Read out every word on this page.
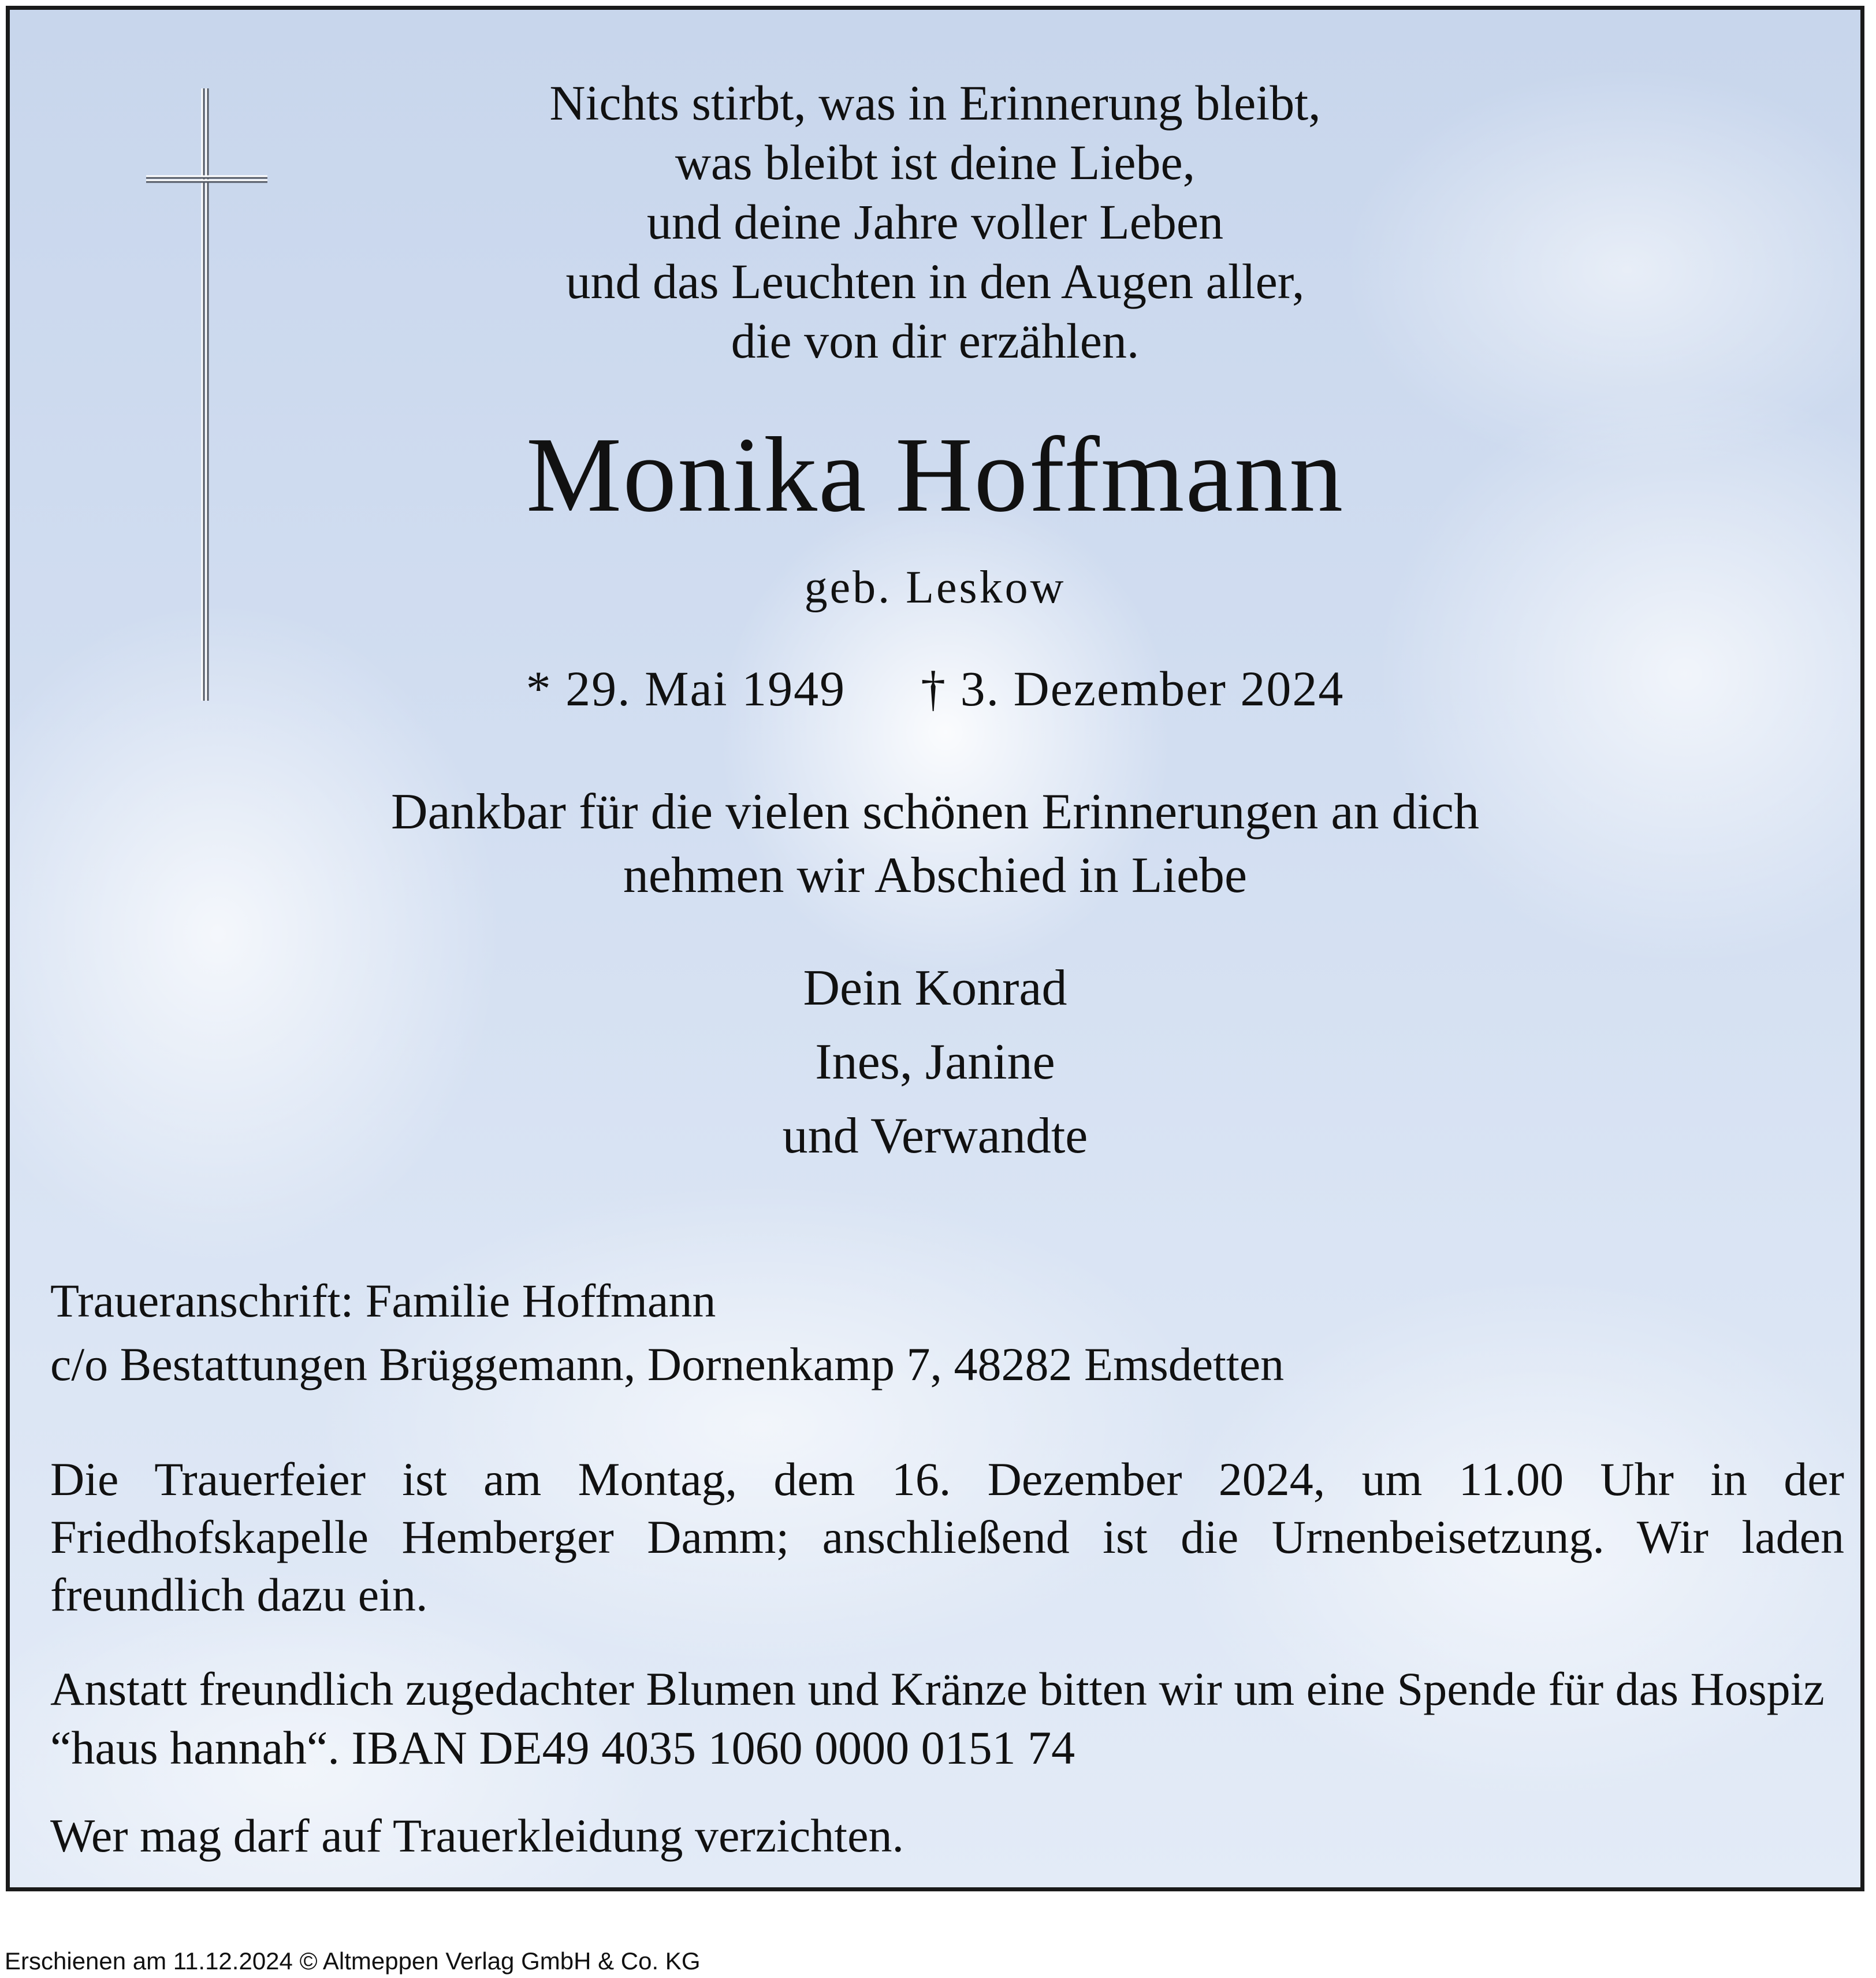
Nichts stirbt, was in Erinnerung bleibt,
was bleibt ist deine Liebe,
und deine Jahre voller Leben
und das Leuchten in den Augen aller,
die von dir erzählen.
Monika Hoffmann
geb. Leskow
* 29. Mai 1949 † 3. Dezember 2024
Dankbar für die vielen schönen Erinnerungen an dich
nehmen wir Abschied in Liebe
Dein Konrad
Ines, Janine
und Verwandte
Traueranschrift: Familie Hoffmann
c/o Bestattungen Brüggemann, Dornenkamp 7, 48282 Emsdetten
Die Trauerfeier ist am Montag, dem 16. Dezember 2024, um 11.00 Uhr in der Friedhofskapelle Hemberger Damm; anschließend ist die Urnenbeisetzung. Wir laden freundlich dazu ein.
Anstatt freundlich zugedachter Blumen und Kränze bitten wir um eine Spende für das Hospiz “haus hannah“. IBAN DE49 4035 1060 0000 0151 74
Wer mag darf auf Trauerkleidung verzichten.
Erschienen am 11.12.2024 © Altmeppen Verlag GmbH & Co. KG
